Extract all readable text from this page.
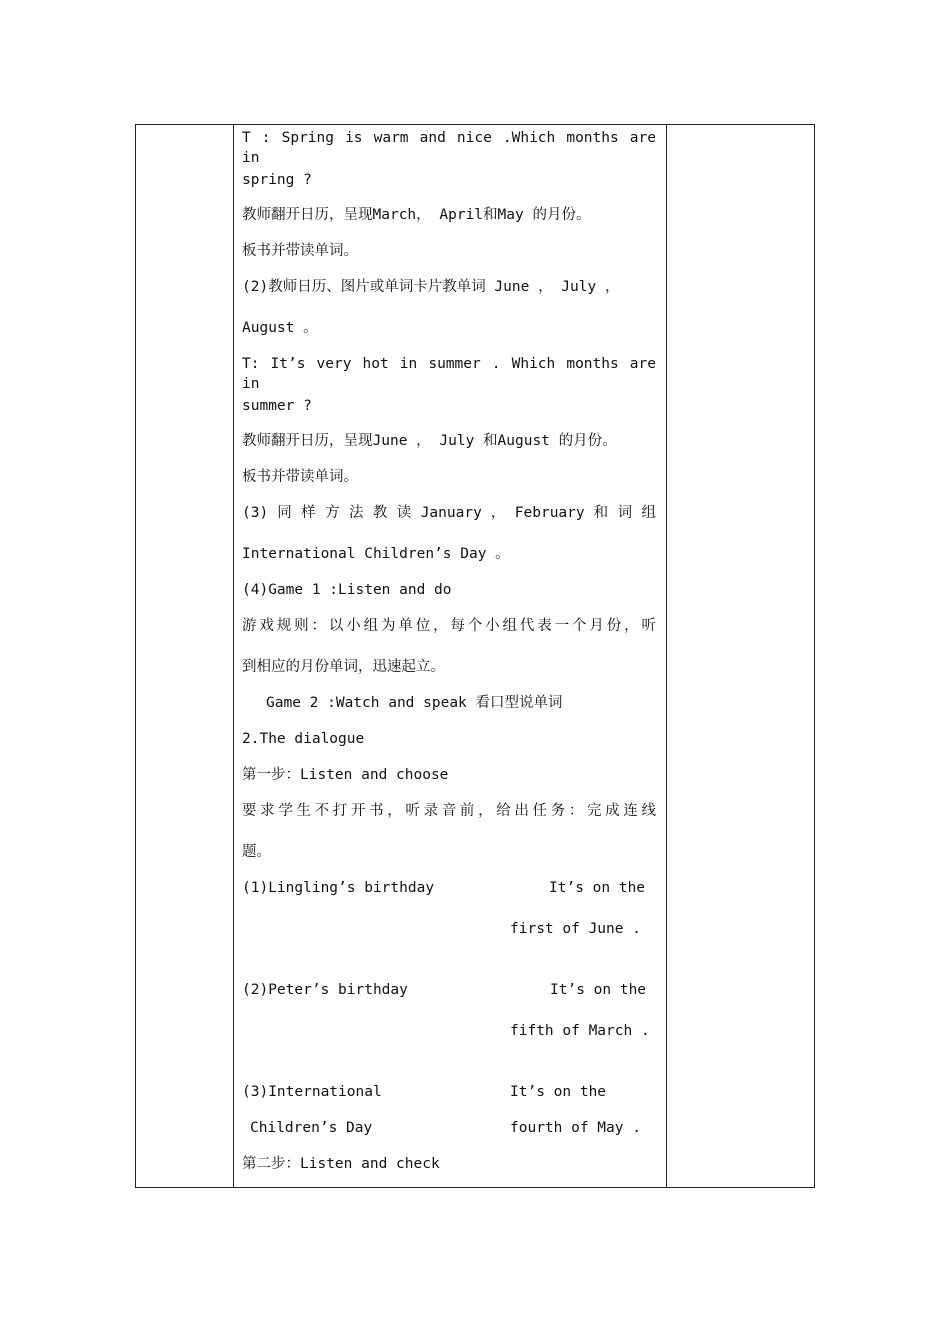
T : Spring is warm and nice .Which months are in
spring ?
教师翻开日历，呈现March， April和May 的月份。
板书并带读单词。
(2)教师日历、图片或单词卡片教单词 June ， July ，
August 。
T: It’s very hot in summer . Which months are in
summer ?
教师翻开日历，呈现June ， July 和August 的月份。
板书并带读单词。
(3) 同 样 方 法 教 读 January ， February 和 词 组
International Children’s Day 。
(4)Game 1 :Listen and do
游戏规则：以小组为单位，每个小组代表一个月份，听
到相应的月份单词，迅速起立。
Game 2 :Watch and speak 看口型说单词
2.The dialogue
第一步：Listen and choose
要求学生不打开书，听录音前，给出任务：完成连线
题。
(1)Lingling’s birthday	It’s on the
first of June .
(2)Peter’s birthday	It’s on the
fifth of March .
(3)International
Children’s Day
It’s on the
fourth of May .
第二步：Listen and check
